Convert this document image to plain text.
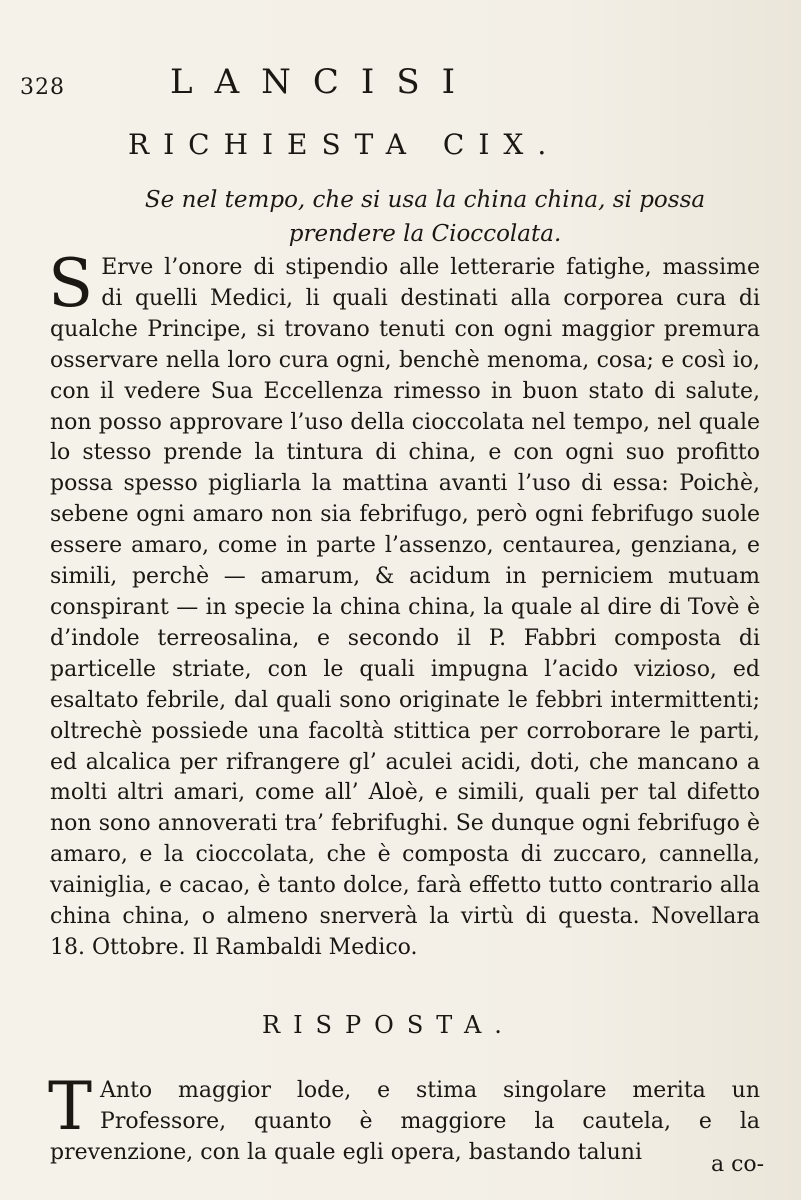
328	LANCISI
RICHIESTA CIX.
Se nel tempo, che si usa la china china, si possa
prendere la Cioccolata.

S Erve l’onore di stipendio alle letterarie fatighe, massime di quelli Medici, li quali destinati alla corporea cura di qualche Principe, si trovano tenuti con ogni maggior premura osservare nella loro cura ogni, benchè menoma, cosa; e così io, con il vedere Sua Eccellenza rimesso in buon stato di salute, non posso approvare l’uso della cioccolata nel tempo, nel quale lo stesso prende la tintura di china, e con ogni suo profitto possa spesso pigliarla la mattina avanti l’uso di essa: Poichè, sebene ogni amaro non sia febrifugo, però ogni febrifugo suole essere amaro, come in parte l’assenzo, centaurea, genziana, e simili, perchè — amarum, & acidum in perniciem mutuam conspirant — in specie la china china, la quale al dire di Tovè è d’indole terreosalina, e secondo il P. Fabbri composta di particelle striate, con le quali impugna l’acido vizioso, ed esaltato febrile, dal quali sono originate le febbri intermittenti; oltrechè possiede una facoltà stittica per corroborare le parti, ed alcalica per rifrangere gl’ aculei acidi, doti, che mancano a molti altri amari, come all’ Aloè, e simili, quali per tal difetto non sono annoverati tra’ febrifughi. Se dunque ogni febrifugo è amaro, e la cioccolata, che è composta di zuccaro, cannella, vainiglia, e cacao, è tanto dolce, farà effetto tutto contrario alla china china, o almeno snerverà la virtù di questa. Novellara 18. Ottobre. Il Rambaldi Medico.

RISPOSTA.

T Anto maggior lode, e stima singolare merita un Professore, quanto è maggiore la cautela, e la prevenzione, con la quale egli opera, bastando taluni	a co-
